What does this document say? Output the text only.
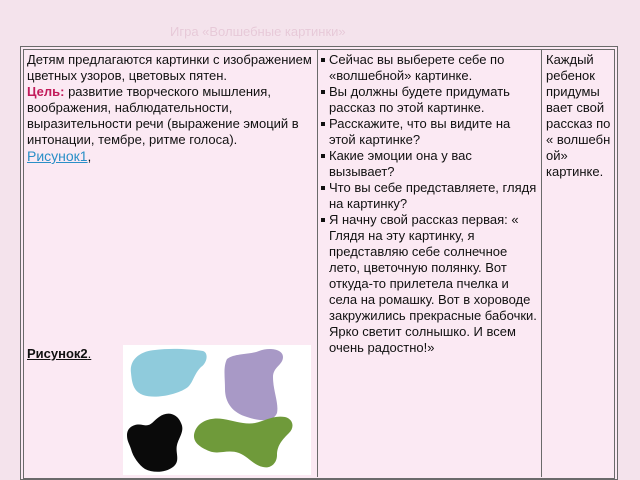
Игра «Волшебные картинки»

Детям предлагаются картинки с изображением цветных узоров, цветовых пятен.

Цель: развитие творческого мышления, воображения, наблюдательности, выразительности речи (выражение эмоций в интонации, тембре, ритме голоса).

Рисунок1,

Рисунок2.
Сейчас вы выберете себе по «волшебной» картинке.
Вы должны будете придумать рассказ по этой картинке.
Расскажите, что вы видите на этой картинке?
Какие эмоции она у вас вызывает?
Что вы себе представляете, глядя на картинку?
Я начну свой рассказ первая: « Глядя на эту картинку, я представляю себе солнечное лето, цветочную полянку. Вот откуда-то прилетела пчелка и села на ромашку. Вот в хороводе закружились прекрасные бабочки. Ярко светит солнышко. И всем очень радостно!»
Каждый ребенок придумы вает свой рассказ по « волшебн ой» картинке.
